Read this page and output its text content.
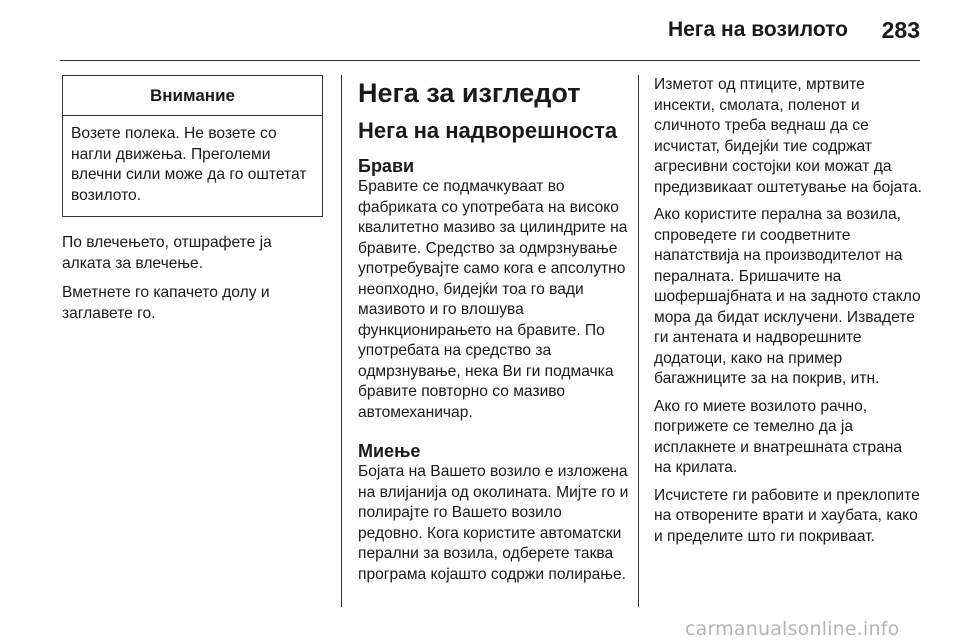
Нега на возилото 283
Внимание
Возете полека. Не возете со нагли движења. Преголеми влечни сили може да го оштетат возилото.

По влечењето, отшрафете ја алката за влечење.

Вметнете го капачето долу и заглавете го.

Нега за изгледот
Нега на надворешноста
Брави

Бравите се подмачкуваат во фабриката со употребата на високо квалитетно мазиво за цилиндрите на бравите. Средство за одмрзнување употребувајте само кога е апсолутно неопходно, бидејќи тоа го вади мазивото и го влошува функционирањето на бравите. По употребата на средство за одмрзнување, нека Ви ги подмачка бравите повторно со мазиво автомеханичар.

Миење

Бојата на Вашето возило е изложена на влијанија од околината. Мијте го и полирајте го Вашето возило редовно. Кога користите автоматски перални за возила, одберете таква програма којашто содржи полирање.

Изметот од птиците, мртвите инсекти, смолата, поленот и сличното треба веднаш да се исчистат, бидејќи тие содржат агресивни состојки кои можат да предизвикаат оштетување на бојата.

Ако користите перална за возила, спроведете ги соодветните напатствија на производителот на пералната. Бришачите на шофершајбната и на задното стакло мора да бидат исклучени. Извадете ги антената и надворешните додатоци, како на пример багажниците за на покрив, итн.

Ако го миете возилото рачно, погрижете се темелно да ја исплакнете и внатрешната страна на крилата.

Исчистете ги рабовите и преклопите на отворените врати и хаубата, како и пределите што ги покриваат.

carmanualsonline.info
